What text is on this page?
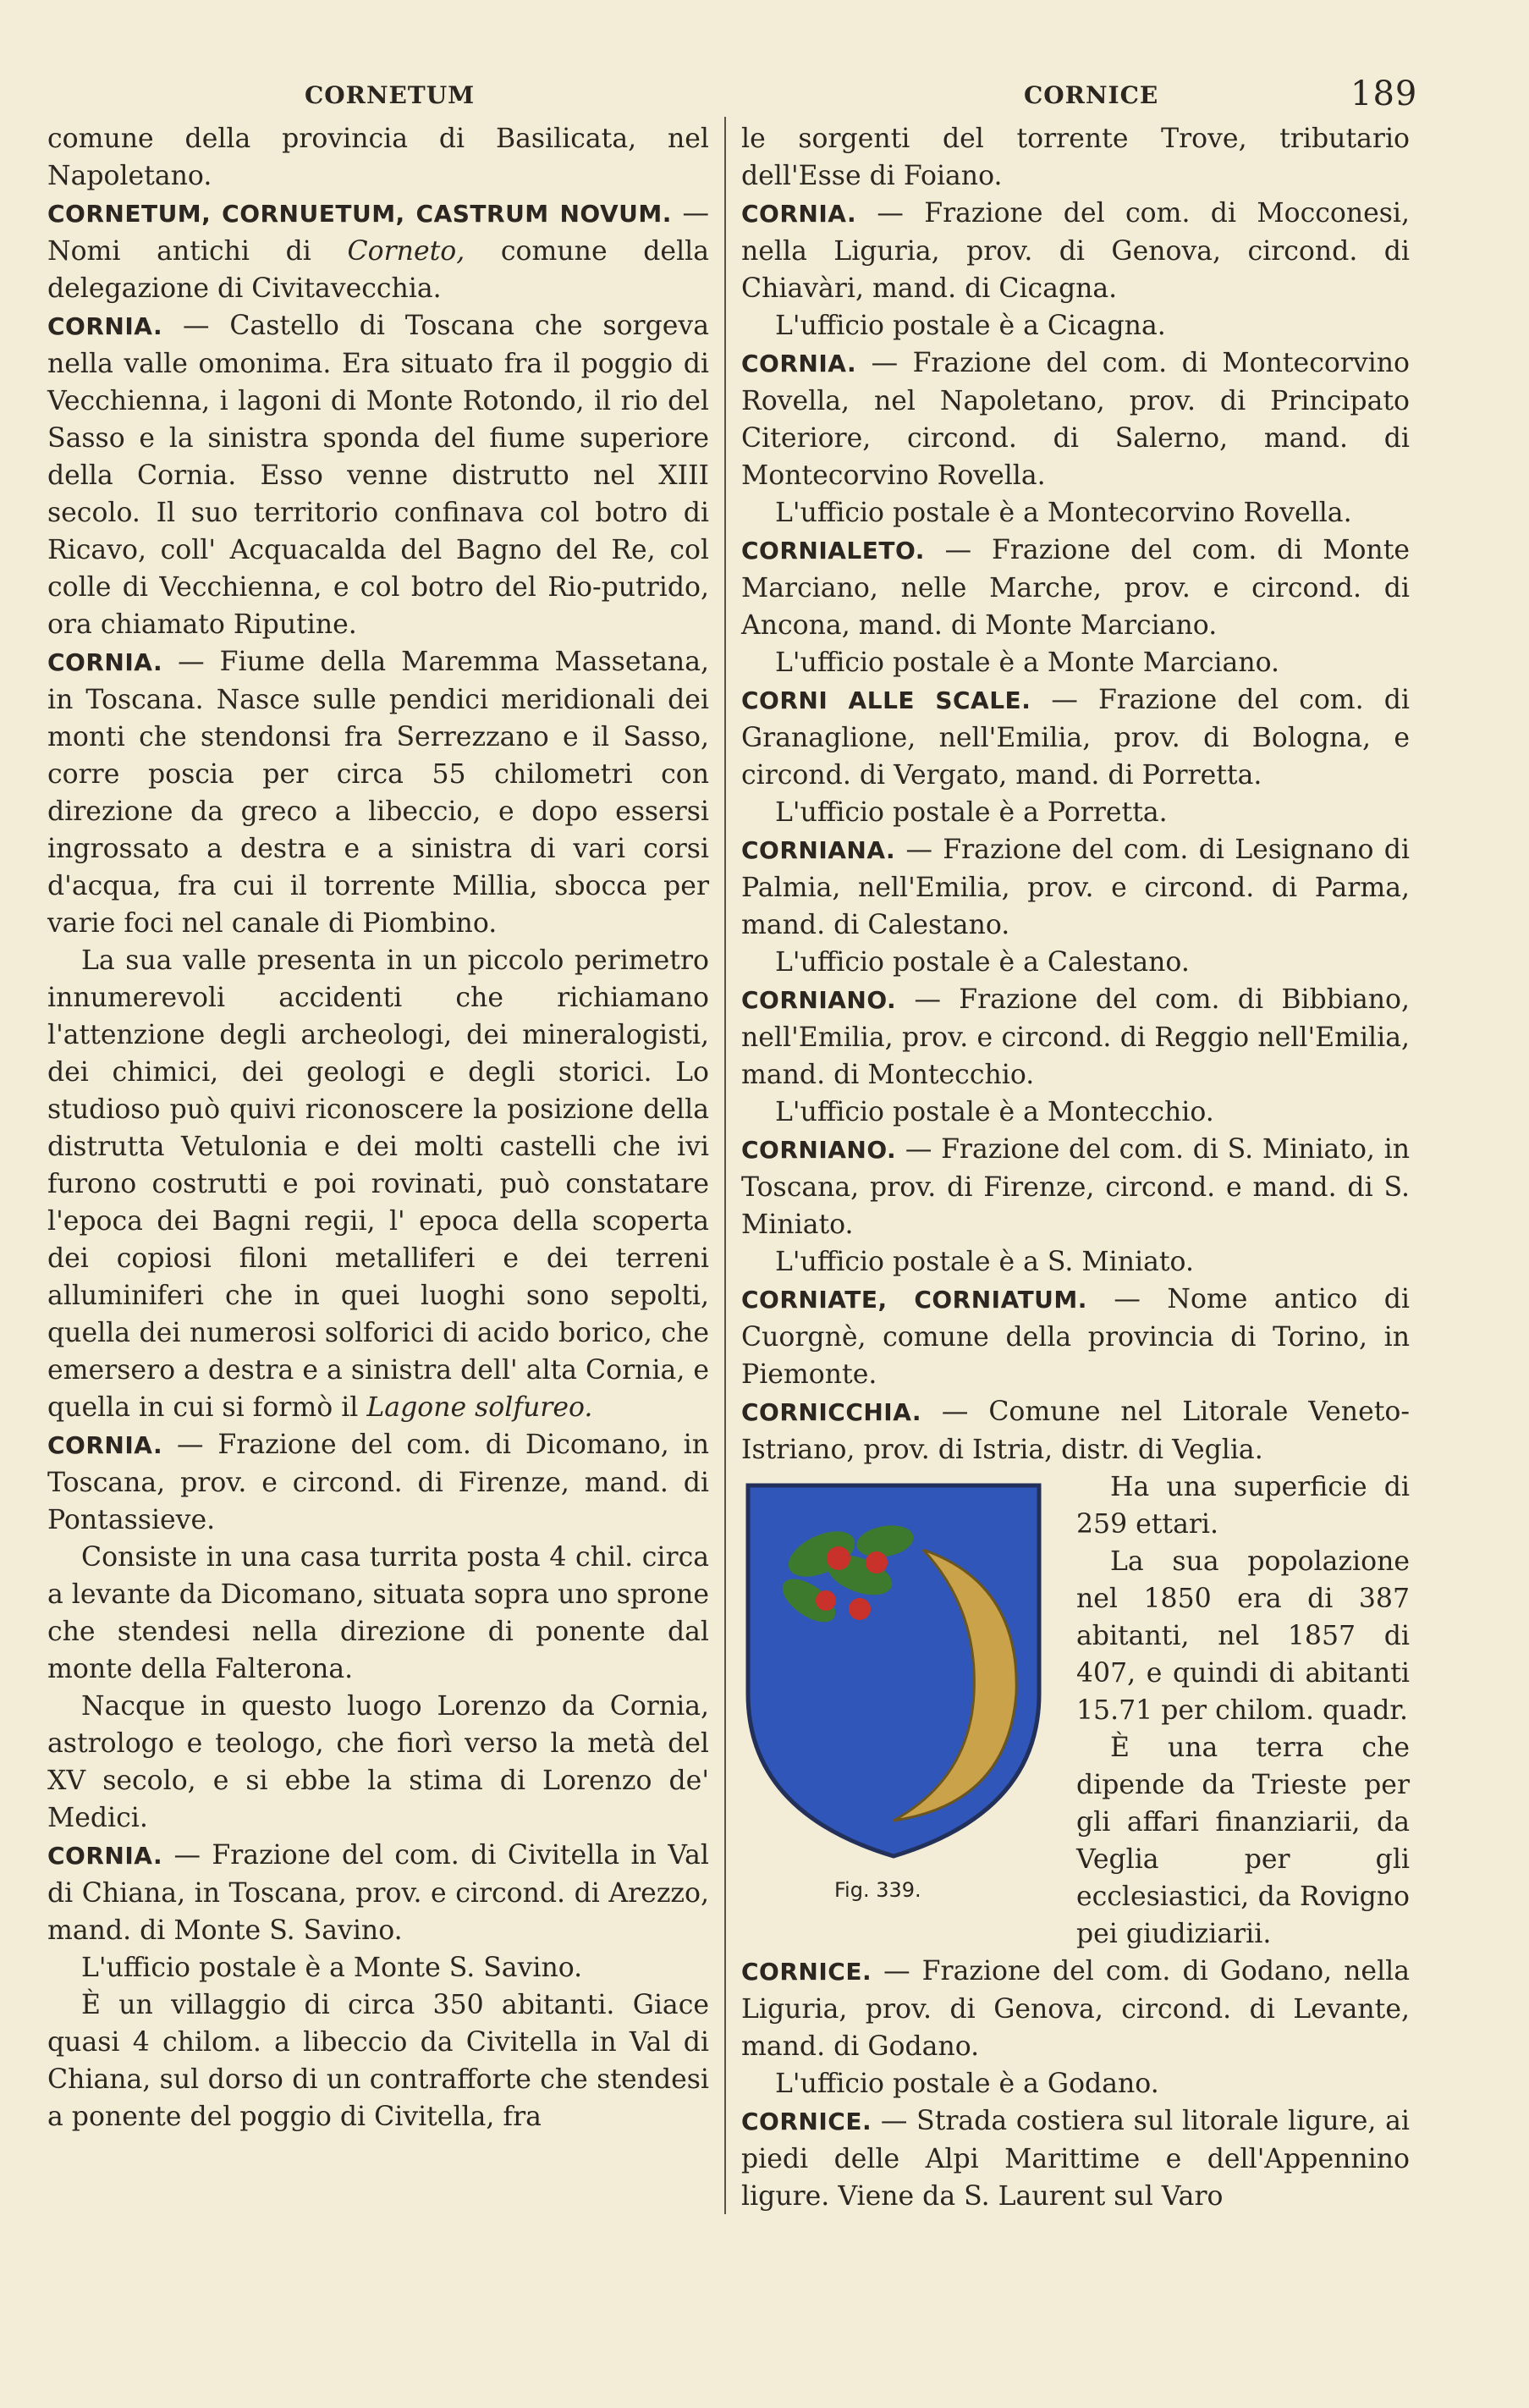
CORNETUM	CORNICE	189

comune della provincia di Basilicata, nel Napoletano.

CORNETUM, CORNUETUM, CASTRUM NOVUM. — Nomi antichi di Corneto, comune della delegazione di Civitavecchia.

CORNIA. — Castello di Toscana che sorgeva nella valle omonima. Era situato fra il poggio di Vecchienna, i lagoni di Monte Rotondo, il rio del Sasso e la sinistra sponda del fiume superiore della Cornia. Esso venne distrutto nel XIII secolo. Il suo territorio confinava col botro di Ricavo, coll' Acquacalda del Bagno del Re, col colle di Vecchienna, e col botro del Rio-putrido, ora chiamato Riputine.

CORNIA. — Fiume della Maremma Massetana, in Toscana. Nasce sulle pendici meridionali dei monti che stendonsi fra Serrezzano e il Sasso, corre poscia per circa 55 chilometri con direzione da greco a libeccio, e dopo essersi ingrossato a destra e a sinistra di vari corsi d'acqua, fra cui il torrente Millia, sbocca per varie foci nel canale di Piombino.

La sua valle presenta in un piccolo perimetro innumerevoli accidenti che richiamano l'attenzione degli archeologi, dei mineralogisti, dei chimici, dei geologi e degli storici. Lo studioso può quivi riconoscere la posizione della distrutta Vetulonia e dei molti castelli che ivi furono costrutti e poi rovinati, può constatare l'epoca dei Bagni regii, l' epoca della scoperta dei copiosi filoni metalliferi e dei terreni alluminiferi che in quei luoghi sono sepolti, quella dei numerosi solforici di acido borico, che emersero a destra e a sinistra dell' alta Cornia, e quella in cui si formò il Lagone solfureo.

CORNIA. — Frazione del com. di Dicomano, in Toscana, prov. e circond. di Firenze, mand. di Pontassieve.

Consiste in una casa turrita posta 4 chil. circa a levante da Dicomano, situata sopra uno sprone che stendesi nella direzione di ponente dal monte della Falterona.

Nacque in questo luogo Lorenzo da Cornia, astrologo e teologo, che fiorì verso la metà del XV secolo, e si ebbe la stima di Lorenzo de' Medici.

CORNIA. — Frazione del com. di Civitella in Val di Chiana, in Toscana, prov. e circond. di Arezzo, mand. di Monte S. Savino.

L'ufficio postale è a Monte S. Savino.

È un villaggio di circa 350 abitanti. Giace quasi 4 chilom. a libeccio da Civitella in Val di Chiana, sul dorso di un contrafforte che stendesi a ponente del poggio di Civitella, fra

le sorgenti del torrente Trove, tributario dell'Esse di Foiano.

CORNIA. — Frazione del com. di Mocconesi, nella Liguria, prov. di Genova, circond. di Chiavàri, mand. di Cicagna.

L'ufficio postale è a Cicagna.

CORNIA. — Frazione del com. di Montecorvino Rovella, nel Napoletano, prov. di Principato Citeriore, circond. di Salerno, mand. di Montecorvino Rovella.

L'ufficio postale è a Montecorvino Rovella.

CORNIALETO. — Frazione del com. di Monte Marciano, nelle Marche, prov. e circond. di Ancona, mand. di Monte Marciano.

L'ufficio postale è a Monte Marciano.

CORNI ALLE SCALE. — Frazione del com. di Granaglione, nell'Emilia, prov. di Bologna, e circond. di Vergato, mand. di Porretta.

L'ufficio postale è a Porretta.

CORNIANA. — Frazione del com. di Lesignano di Palmia, nell'Emilia, prov. e circond. di Parma, mand. di Calestano.

L'ufficio postale è a Calestano.

CORNIANO. — Frazione del com. di Bibbiano, nell'Emilia, prov. e circond. di Reggio nell'Emilia, mand. di Montecchio.

L'ufficio postale è a Montecchio.

CORNIANO. — Frazione del com. di S. Miniato, in Toscana, prov. di Firenze, circond. e mand. di S. Miniato.

L'ufficio postale è a S. Miniato.

CORNIATE, CORNIATUM. — Nome antico di Cuorgnè, comune della provincia di Torino, in Piemonte.

CORNICCHIA. — Comune nel Litorale Veneto-Istriano, prov. di Istria, distr. di Veglia.

Fig. 339.

Ha una superficie di 259 ettari.

La sua popolazione nel 1850 era di 387 abitanti, nel 1857 di 407, e quindi di abitanti 15.71 per chilom. quadr.

È una terra che dipende da Trieste per gli affari finanziarii, da Veglia per gli ecclesiastici, da Rovigno pei giudiziarii.

CORNICE. — Frazione del com. di Godano, nella Liguria, prov. di Genova, circond. di Levante, mand. di Godano.

L'ufficio postale è a Godano.

CORNICE. — Strada costiera sul litorale ligure, ai piedi delle Alpi Marittime e dell'Appennino ligure. Viene da S. Laurent sul Varo
